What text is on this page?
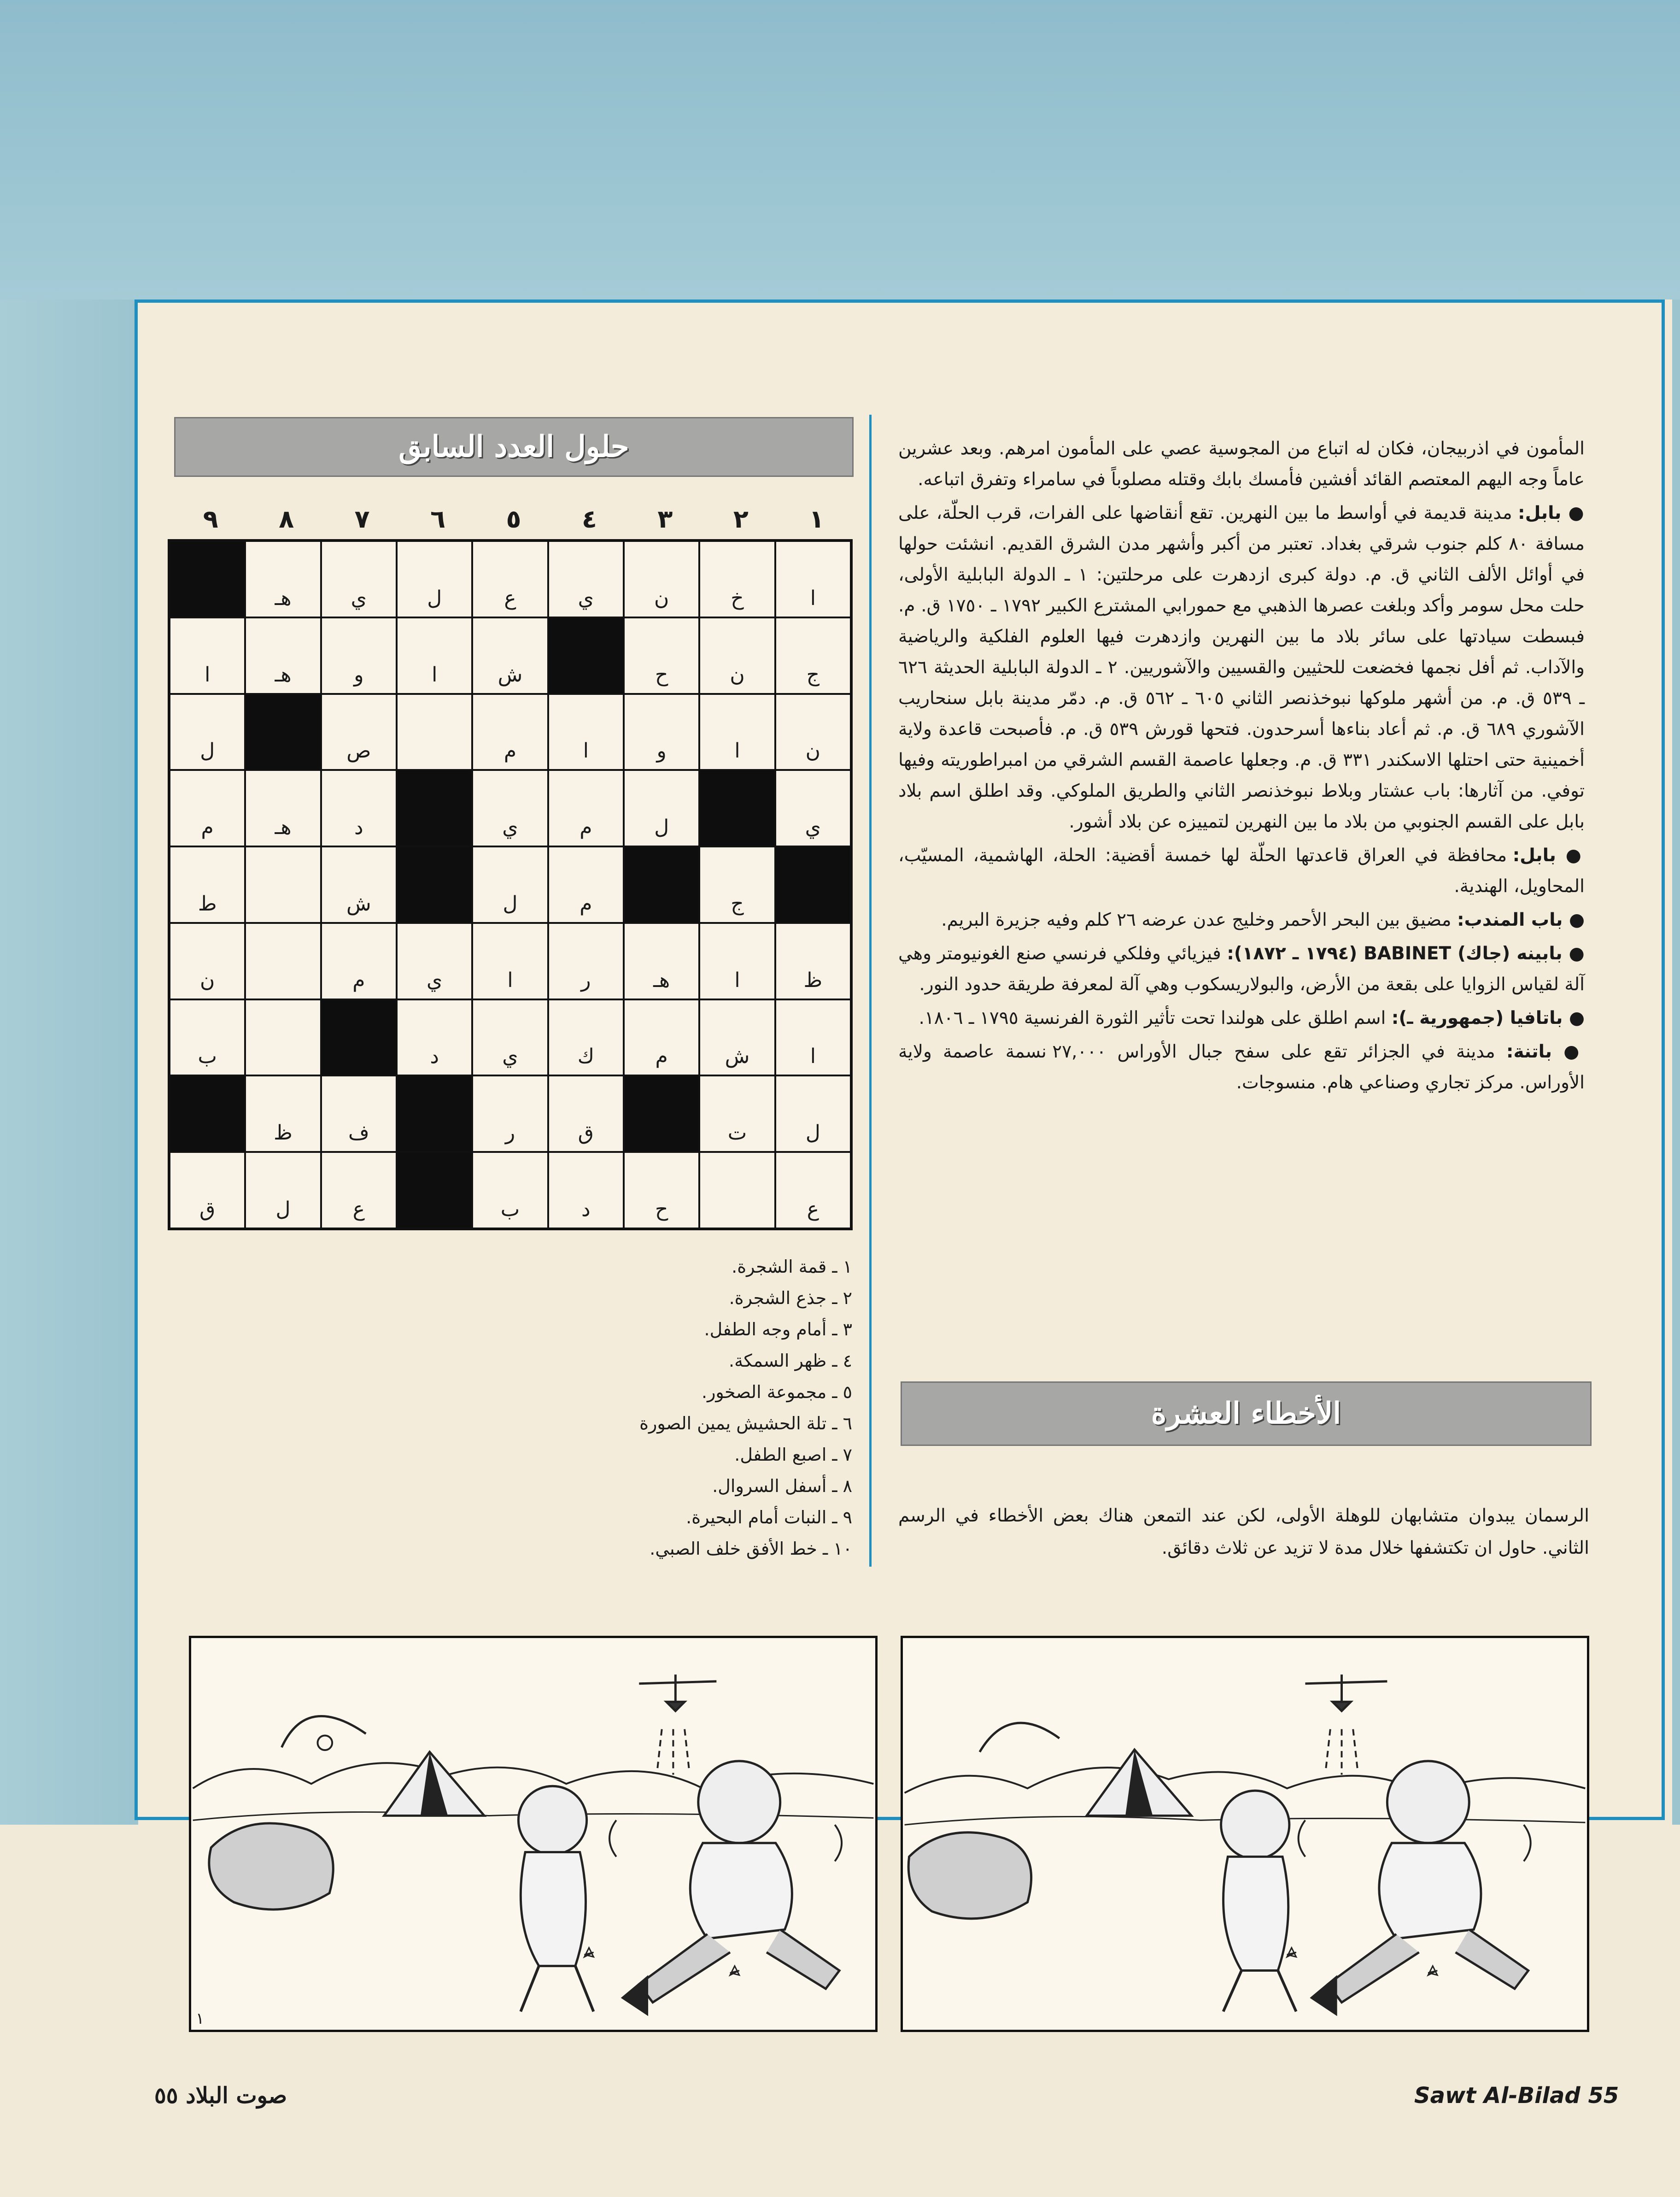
المأمون في اذربيجان، فكان له اتباع من المجوسية عصي على المأمون امرهم. وبعد عشرين عاماً وجه اليهم المعتصم القائد أفشين فأمسك بابك وقتله مصلوباً في سامراء وتفرق اتباعه.

● بابل: مدينة قديمة في أواسط ما بين النهرين. تقع أنقاضها على الفرات، قرب الحلّة، على مسافة ٨٠ كلم جنوب شرقي بغداد. تعتبر من أكبر وأشهر مدن الشرق القديم. انشئت حولها في أوائل الألف الثاني ق. م. دولة كبرى ازدهرت على مرحلتين: ١ ـ الدولة البابلية الأولى، حلت محل سومر وأكد وبلغت عصرها الذهبي مع حمورابي المشترع الكبير ١٧٩٢ ـ ١٧٥٠ ق. م. فبسطت سيادتها على سائر بلاد ما بين النهرين وازدهرت فيها العلوم الفلكية والرياضية والآداب. ثم أفل نجمها فخضعت للحثيين والقسيين والآشوريين. ٢ ـ الدولة البابلية الحديثة ٦٢٦ ـ ٥٣٩ ق. م. من أشهر ملوكها نبوخذنصر الثاني ٦٠٥ ـ ٥٦٢ ق. م. دمّر مدينة بابل سنحاريب الآشوري ٦٨٩ ق. م. ثم أعاد بناءها أسرحدون. فتحها قورش ٥٣٩ ق. م. فأصبحت قاعدة ولاية أخمينية حتى احتلها الاسكندر ٣٣١ ق. م. وجعلها عاصمة القسم الشرقي من امبراطوريته وفيها توفي. من آثارها: باب عشتار وبلاط نبوخذنصر الثاني والطريق الملوكي. وقد اطلق اسم بلاد بابل على القسم الجنوبي من بلاد ما بين النهرين لتمييزه عن بلاد أشور.

● بابل: محافظة في العراق قاعدتها الحلّة لها خمسة أقضية: الحلة، الهاشمية، المسيّب، المحاويل، الهندية.

● باب المندب: مضيق بين البحر الأحمر وخليج عدن عرضه ٢٦ كلم وفيه جزيرة البريم.

● بابينه (جاك) BABINET (١٧٩٤ ـ ١٨٧٢): فيزيائي وفلكي فرنسي صنع الغونيومتر وهي آلة لقياس الزوايا على بقعة من الأرض، والبولاريسكوب وهي آلة لمعرفة طريقة حدود النور.

● باتافيا (جمهورية ـ): اسم اطلق على هولندا تحت تأثير الثورة الفرنسية ١٧٩٥ ـ ١٨٠٦.

● باتنة: مدينة في الجزائر تقع على سفح جبال الأوراس ٢٧,٠٠٠ نسمة عاصمة ولاية الأوراس. مركز تجاري وصناعي هام. منسوجات.

حلول العدد السابق
١
٢
٣
٤
٥
٦
٧
٨
٩
ا
خ
ن
ي
ع
ل
ي
هـ
ج
ن
ح
ش
ا
و
هـ
ا
ن
ا
و
ا
م
ص
ل
ي
ل
م
ي
د
هـ
م
ج
م
ل
ش
ط
ظ
ا
هـ
ر
ا
ي
م
ن
ا
ش
م
ك
ي
د
ب
ل
ت
ق
ر
ف
ظ
ع
ح
د
ب
ع
ل
ق
١ ـ قمة الشجرة.
٢ ـ جذع الشجرة.
٣ ـ أمام وجه الطفل.
٤ ـ ظهر السمكة.
٥ ـ مجموعة الصخور.
٦ ـ تلة الحشيش يمين الصورة
٧ ـ اصبع الطفل.
٨ ـ أسفل السروال.
٩ ـ النبات أمام البحيرة.
١٠ ـ خط الأفق خلف الصبي.
الأخطاء العشرة
الرسمان يبدوان متشابهان للوهلة الأولى، لكن عند التمعن هناك بعض الأخطاء في الرسم الثاني. حاول ان تكتشفها خلال مدة لا تزيد عن ثلاث دقائق.
١
صوت البلاد ٥٥	Sawt Al-Bilad 55
